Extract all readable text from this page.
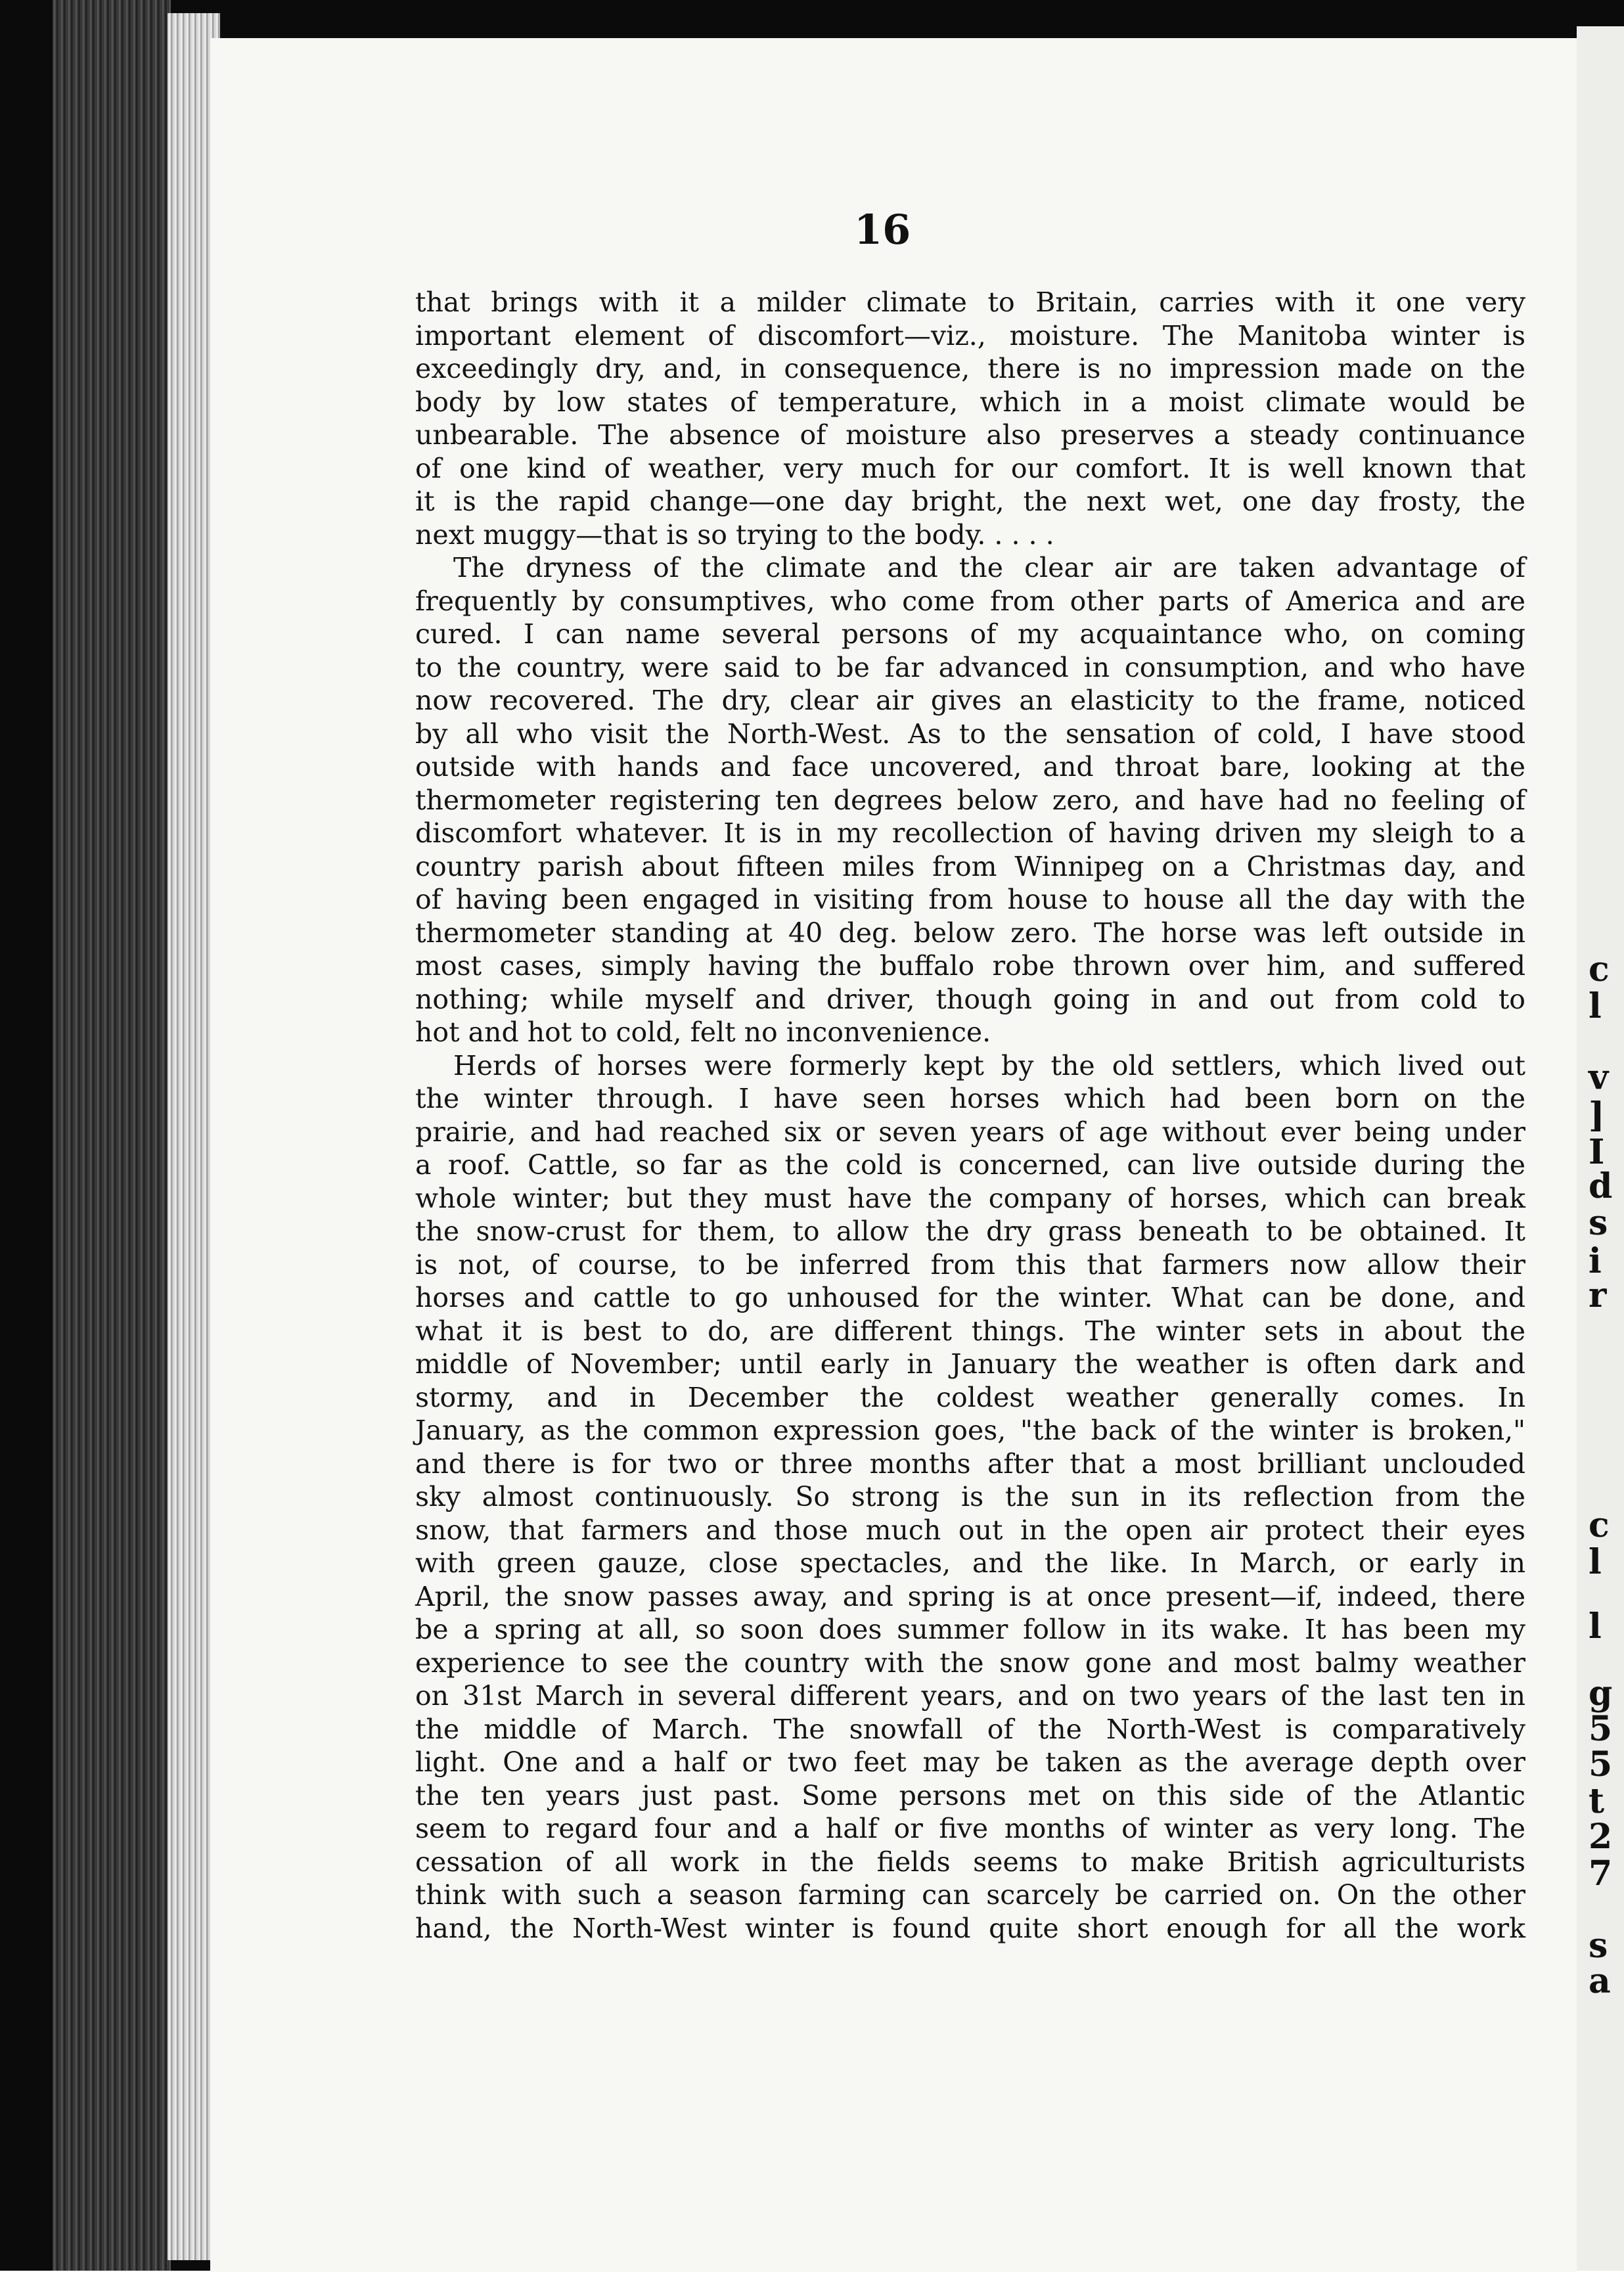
c
l
v
]
I
d
s
i
r
c
l
l
g
5
5
t
2
7
s
a
16

that brings with it a milder climate to Britain, carries with it one very

important element of discomfort—viz., moisture. The Manitoba winter is

exceedingly dry, and, in consequence, there is no impression made on the

body by low states of temperature, which in a moist climate would be

unbearable. The absence of moisture also preserves a steady continuance

of one kind of weather, very much for our comfort. It is well known that

it is the rapid change—one day bright, the next wet, one day frosty, the

next muggy—that is so trying to the body. . . . .

The dryness of the climate and the clear air are taken advantage of

frequently by consumptives, who come from other parts of America and are

cured. I can name several persons of my acquaintance who, on coming

to the country, were said to be far advanced in consumption, and who have

now recovered. The dry, clear air gives an elasticity to the frame, noticed

by all who visit the North-West. As to the sensation of cold, I have stood

outside with hands and face uncovered, and throat bare, looking at the

thermometer registering ten degrees below zero, and have had no feeling of

discomfort whatever. It is in my recollection of having driven my sleigh to a

country parish about fifteen miles from Winnipeg on a Christmas day, and

of having been engaged in visiting from house to house all the day with the

thermometer standing at 40 deg. below zero. The horse was left outside in

most cases, simply having the buffalo robe thrown over him, and suffered

nothing; while myself and driver, though going in and out from cold to

hot and hot to cold, felt no inconvenience.

Herds of horses were formerly kept by the old settlers, which lived out

the winter through. I have seen horses which had been born on the

prairie, and had reached six or seven years of age without ever being under

a roof. Cattle, so far as the cold is concerned, can live outside during the

whole winter; but they must have the company of horses, which can break

the snow-crust for them, to allow the dry grass beneath to be obtained. It

is not, of course, to be inferred from this that farmers now allow their

horses and cattle to go unhoused for the winter. What can be done, and

what it is best to do, are different things. The winter sets in about the

middle of November; until early in January the weather is often dark and

stormy, and in December the coldest weather generally comes. In

January, as the common expression goes, "the back of the winter is broken,"

and there is for two or three months after that a most brilliant unclouded

sky almost continuously. So strong is the sun in its reflection from the

snow, that farmers and those much out in the open air protect their eyes

with green gauze, close spectacles, and the like. In March, or early in

April, the snow passes away, and spring is at once present—if, indeed, there

be a spring at all, so soon does summer follow in its wake. It has been my

experience to see the country with the snow gone and most balmy weather

on 31st March in several different years, and on two years of the last ten in

the middle of March. The snowfall of the North-West is comparatively

light. One and a half or two feet may be taken as the average depth over

the ten years just past. Some persons met on this side of the Atlantic

seem to regard four and a half or five months of winter as very long. The

cessation of all work in the fields seems to make British agriculturists

think with such a season farming can scarcely be carried on. On the other

hand, the North-West winter is found quite short enough for all the work
